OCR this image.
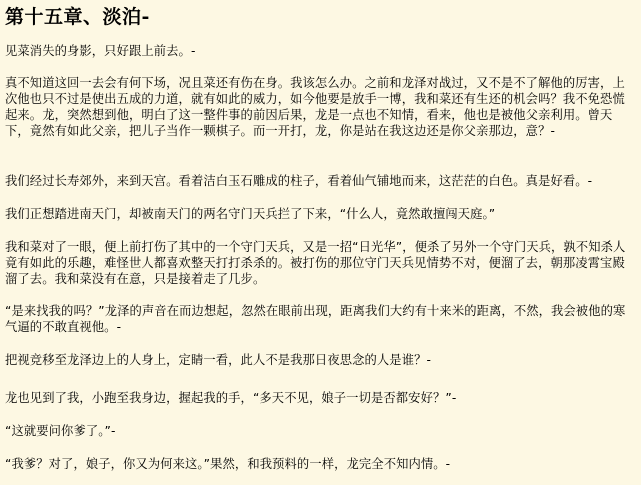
第十五章、淡泊-

见菜消失的身影，只好跟上前去。-

真不知道这回一去会有何下场，况且菜还有伤在身。我该怎么办。之前和龙泽对战过，又不是不了解他的厉害，上次他也只不过是使出五成的力道，就有如此的威力，如今他要是放手一博，我和菜还有生还的机会吗？我不免恐慌起来。龙，突然想到他，明白了这一整件事的前因后果，龙是一点也不知情，看来，他也是被他父亲利用。曾天下，竟然有如此父亲，把儿子当作一颗棋子。而一开打，龙，你是站在我这边还是你父亲那边，意？-

我们经过长寿郊外，来到天宫。看着洁白玉石雕成的柱子，看着仙气铺地而来，这茫茫的白色。真是好看。-

我们正想踏进南天门，却被南天门的两名守门天兵拦了下来，“什么人，竟然敢擅闯天庭。”

我和菜对了一眼，便上前打伤了其中的一个守门天兵，又是一招“日光华”，便杀了另外一个守门天兵，孰不知杀人竟有如此的乐趣，难怪世人都喜欢整天打打杀杀的。被打伤的那位守门天兵见情势不对，便溜了去，朝那凌霄宝殿溜了去。我和菜没有在意，只是接着走了几步。

“是来找我的吗？”龙泽的声音在而边想起，忽然在眼前出现，距离我们大约有十来米的距离，不然，我会被他的寒气逼的不敢直视他。-

把视竞移至龙泽边上的人身上，定睛一看，此人不是我那日夜思念的人是谁？-

龙也见到了我，小跑至我身边，握起我的手，“多天不见，娘子一切是否都安好？”-

“这就要问你爹了。”-

“我爹？对了，娘子，你又为何来这。”果然，和我预料的一样，龙完全不知内情。-
